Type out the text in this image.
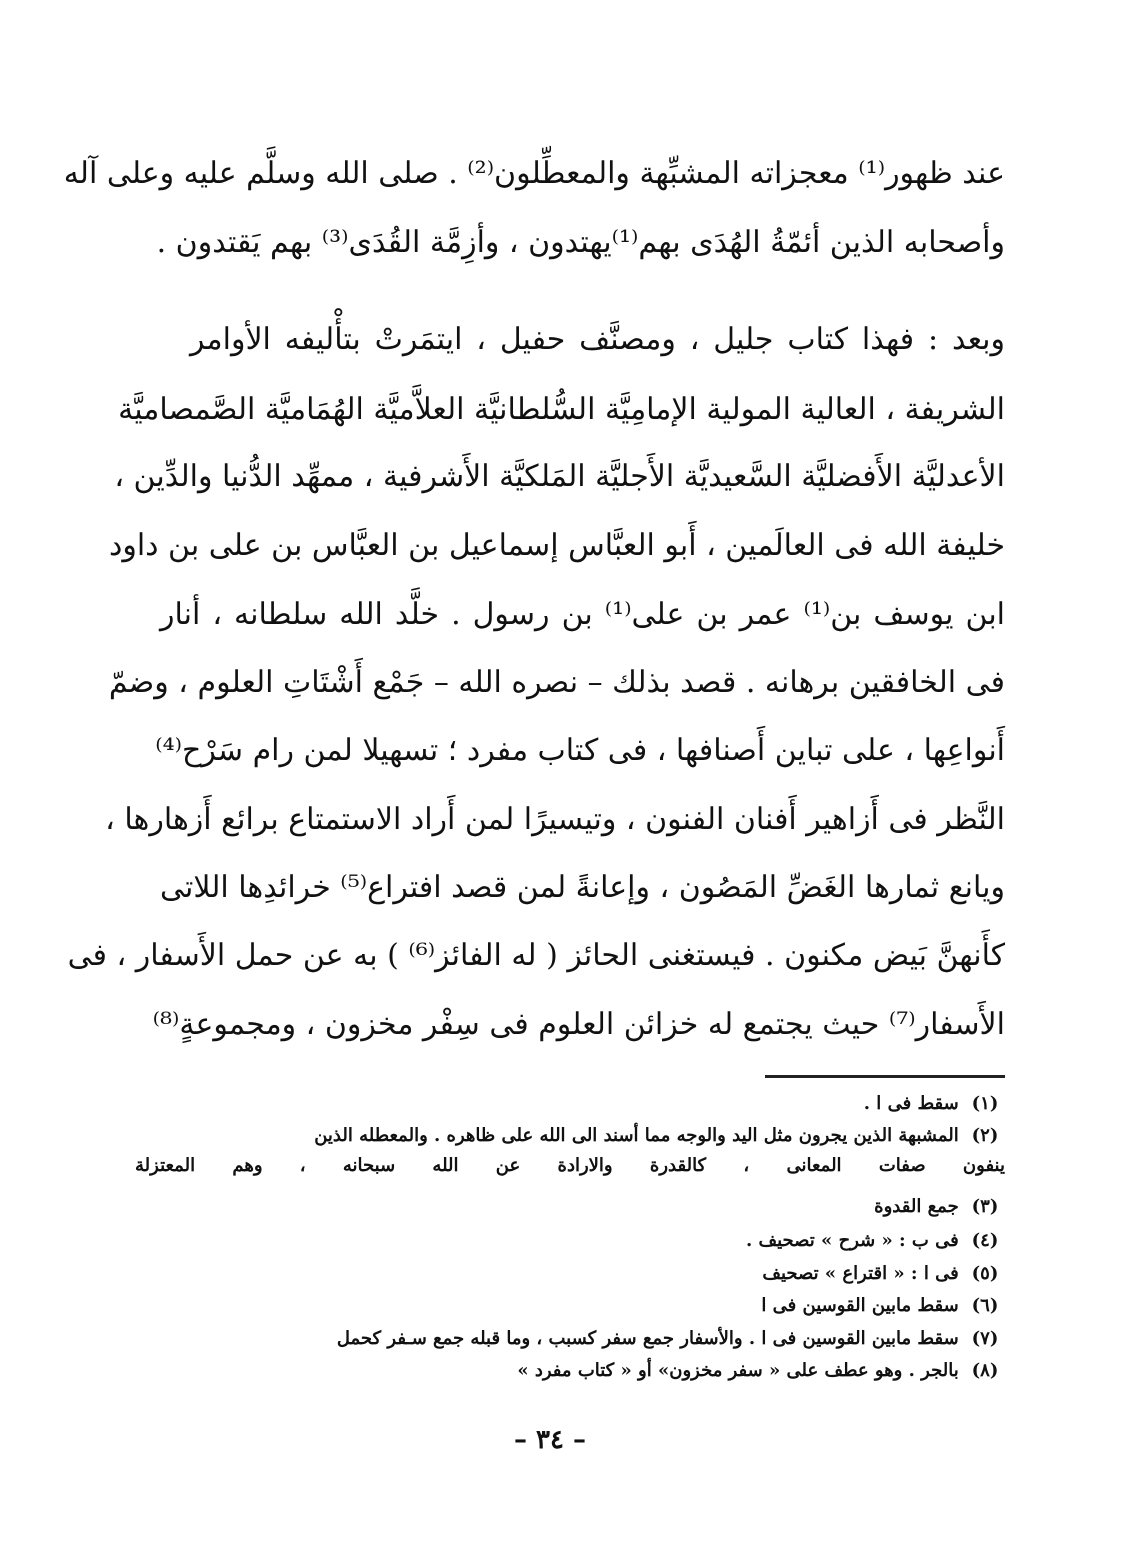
عند ظهور⁽¹⁾ معجزاته المشبِّهة والمعطِّلون⁽²⁾ . صلى الله وسلَّم عليه وعلى آله
وأصحابه الذين أئمّةُ الهُدَى بهم⁽¹⁾يهتدون ، وأزِمَّة القُدَى⁽³⁾ بهم يَقتدون .
وبعد : فهذا كتاب جليل ، ومصنَّف حفيل ، ايتمَرتْ بتأْليفه الأوامر
الشريفة ، العالية المولية الإمامِيَّة السُّلطانيَّة العلاَّميَّة الهُمَاميَّة الصَّمصاميَّة
الأعدليَّة الأَفضليَّة السَّعيديَّة الأَجليَّة المَلكيَّة الأَشرفية ، ممهِّد الدُّنيا والدِّين ،
خليفة الله فى العالَمين ، أَبو العبَّاس إسماعيل بن العبَّاس بن على بن داود
ابن يوسف بن⁽¹⁾ عمر بن على⁽¹⁾ بن رسول . خلَّد الله سلطانه ، أنار
فى الخافقين برهانه . قصد بذلك – نصره الله – جَمْع أَشْتَاتِ العلوم ، وضمّ
أَنواعِها ، على تباين أَصنافها ، فى كتاب مفرد ؛ تسهيلا لمن رام سَرْح⁽⁴⁾
النَّظر فى أَزاهير أَفنان الفنون ، وتيسيرًا لمن أَراد الاستمتاع برائع أَزهارها ،
ويانع ثمارها الغَضِّ المَصُون ، وإعانةً لمن قصد افتراع⁽⁵⁾ خرائدِها اللاتى
كأَنهنَّ بَيض مكنون . فيستغنى الحائز ( له الفائز⁽⁶⁾ ) به عن حمل الأَسفار ، فى
الأَسفار⁽⁷⁾ حيث يجتمع له خزائن العلوم فى سِفْر مخزون ، ومجموعةٍ⁽⁸⁾
(١) سقط فى ا .
(٢) المشبهة الذين يجرون مثل اليد والوجه مما أسند الى الله على ظاهره . والمعطله الذين
ينفون صفات المعانى ، كالقدرة والارادة عن الله سبحانه ، وهم المعتزلة
(٣) جمع القدوة
(٤) فى ب : « شرح » تصحيف .
(٥) فى ا : « اقتراع » تصحيف
(٦) سقط مابين القوسين فى ا
(٧) سقط مابين القوسين فى ا . والأسفار جمع سفر كسبب ، وما قبله جمع سـفر كحمل
(٨) بالجر . وهو عطف على « سفر مخزون» أو « كتاب مفرد »
– ٣٤ –
